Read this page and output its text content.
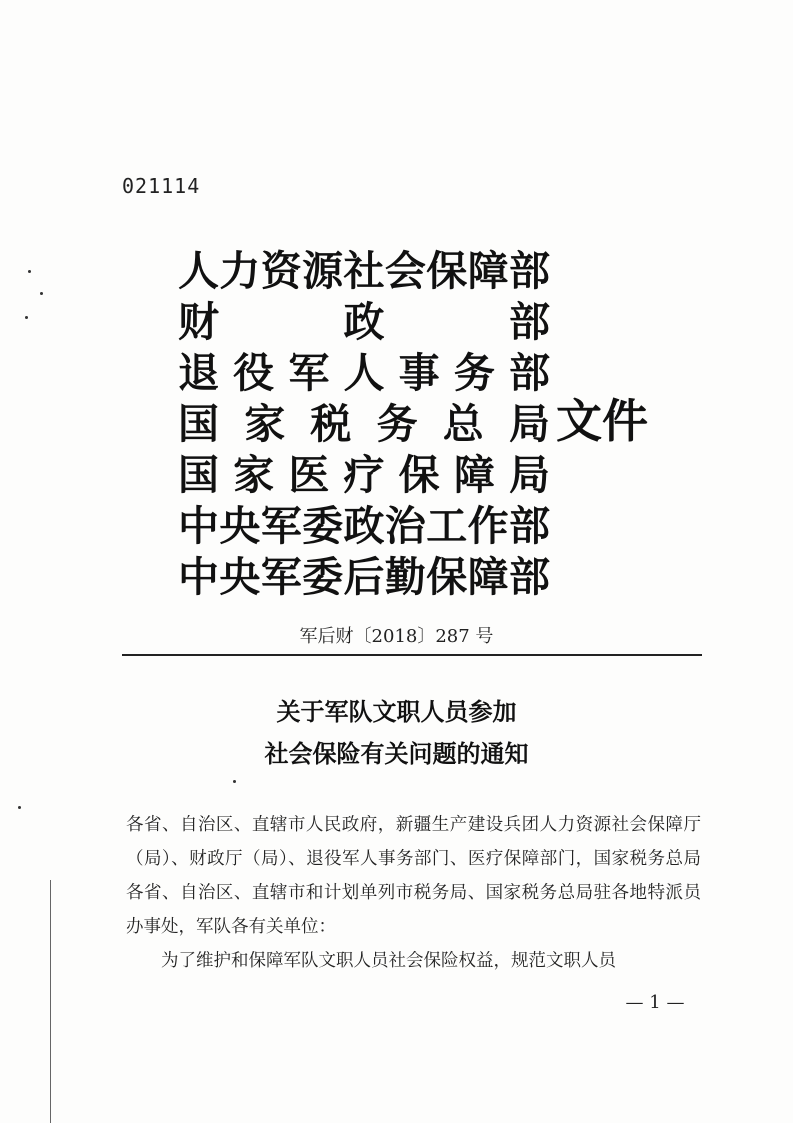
021114
人力资源社会保障部
财政部
退役军人事务部
国家税务总局
国家医疗保障局
中央军委政治工作部
中央军委后勤保障部
文件
军后财〔2018〕287 号
关于军队文职人员参加
社会保险有关问题的通知

各省、自治区、直辖市人民政府，新疆生产建设兵团人力资源社会保障厅（局）、财政厅（局）、退役军人事务部门、医疗保障部门，国家税务总局各省、自治区、直辖市和计划单列市税务局、国家税务总局驻各地特派员办事处，军队各有关单位：

为了维护和保障军队文职人员社会保险权益，规范文职人员

— 1 —
